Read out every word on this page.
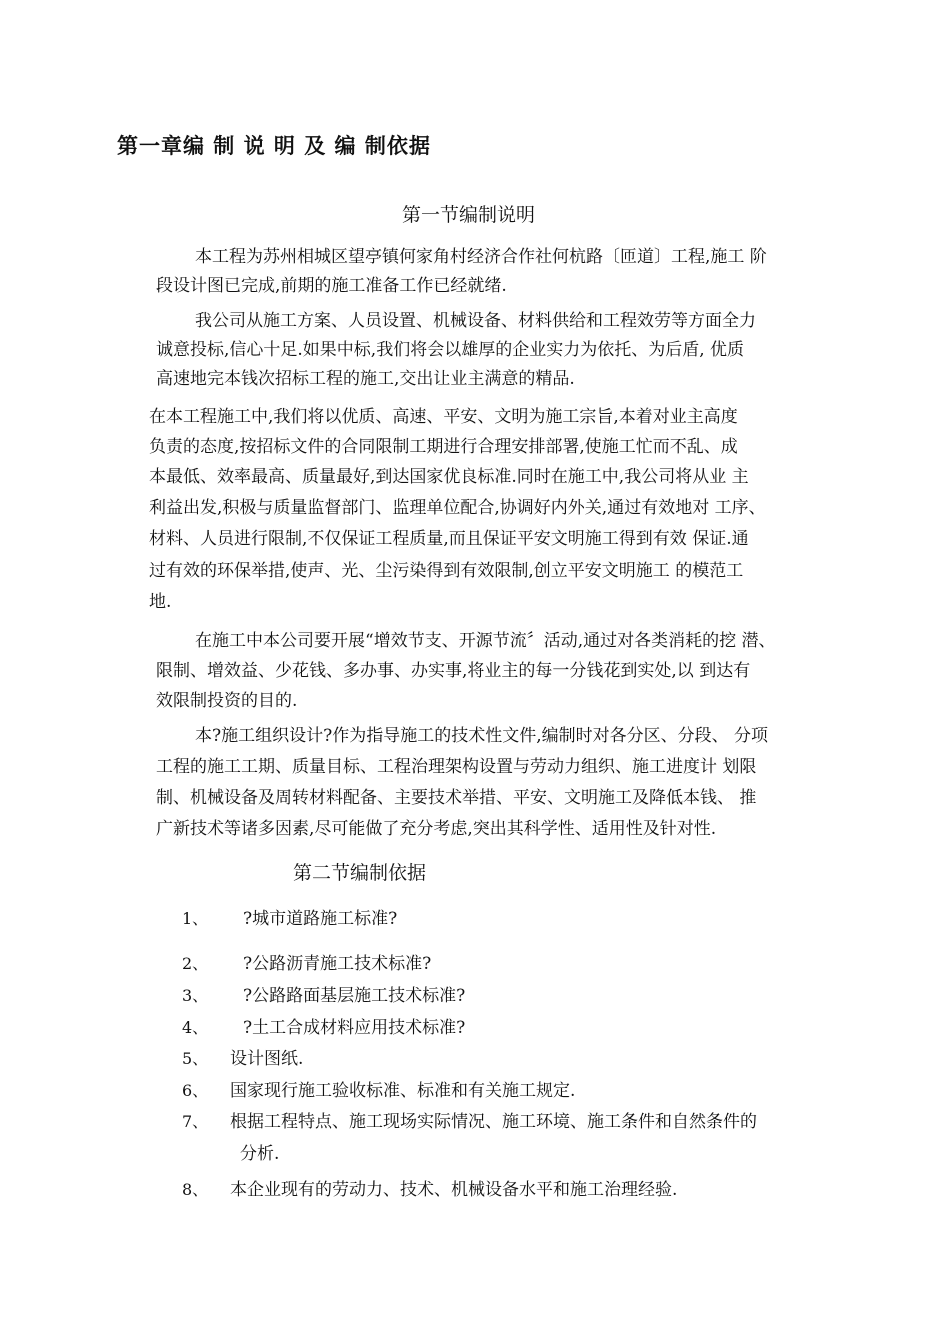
第一章编 制 说 明 及 编 制依据
第一节编制说明
本工程为苏州相城区望亭镇何家角村经济合作社何杭路〔匝道〕工程,施工 阶
段设计图已完成,前期的施工准备工作已经就绪.
我公司从施工方案、人员设置、机械设备、材料供给和工程效劳等方面全力
诚意投标,信心十足.如果中标,我们将会以雄厚的企业实力为依托、为后盾, 优质
高速地完本钱次招标工程的施工,交出让业主满意的精品.
在本工程施工中,我们将以优质、高速、平安、文明为施工宗旨,本着对业主高度
负责的态度,按招标文件的合同限制工期进行合理安排部署,使施工忙而不乱、成
本最低、效率最高、质量最好,到达国家优良标准.同时在施工中,我公司将从业 主
利益出发,积极与质量监督部门、监理单位配合,协调好内外关,通过有效地对 工序、
材料、人员进行限制,不仅保证工程质量,而且保证平安文明施工得到有效 保证.通
过有效的环保举措,使声、光、尘污染得到有效限制,创立平安文明施工 的模范工
地.
在施工中本公司要开展“增效节支、开源节流〞活动,通过对各类消耗的挖 潜、
限制、增效益、少花钱、多办事、办实事,将业主的每一分钱花到实处,以 到达有
效限制投资的目的.
本?施工组织设计?作为指导施工的技术性文件,编制时对各分区、分段、 分项
工程的施工工期、质量目标、工程治理架构设置与劳动力组织、施工进度计 划限
制、机械设备及周转材料配备、主要技术举措、平安、文明施工及降低本钱、 推
广新技术等诸多因素,尽可能做了充分考虑,突出其科学性、适用性及针对性.
第二节编制依据
1、 ?城市道路施工标准?
2、 ?公路沥青施工技术标准?
3、 ?公路路面基层施工技术标准?
4、 ?土工合成材料应用技术标准?
5、 设计图纸.
6、 国家现行施工验收标准、标准和有关施工规定.
7、 根据工程特点、施工现场实际情况、施工环境、施工条件和自然条件的
分析.
8、 本企业现有的劳动力、技术、机械设备水平和施工治理经验.
